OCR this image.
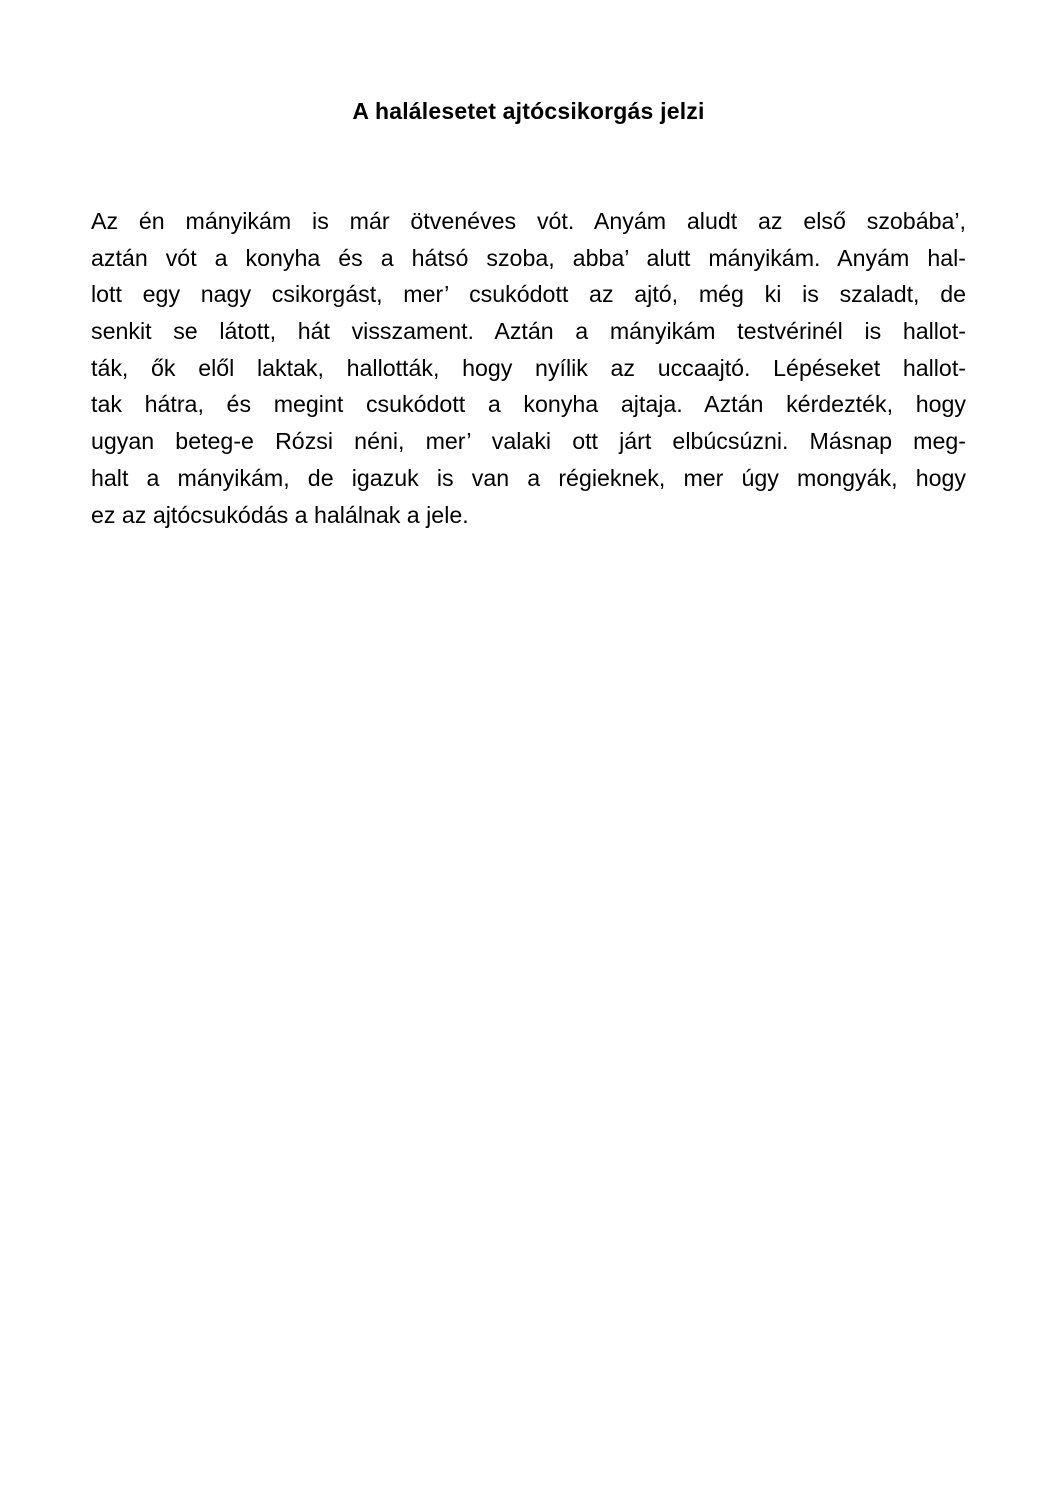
A halálesetet ajtócsikorgás jelzi
Az én mányikám is már ötvenéves vót. Anyám aludt az első szobába’,
aztán vót a konyha és a hátsó szoba, abba’ alutt mányikám. Anyám hal-
lott egy nagy csikorgást, mer’ csukódott az ajtó, még ki is szaladt, de
senkit se látott, hát visszament. Aztán a mányikám testvérinél is hallot-
ták, ők elől laktak, hallották, hogy nyílik az uccaajtó. Lépéseket hallot-
tak hátra, és megint csukódott a konyha ajtaja. Aztán kérdezték, hogy
ugyan beteg-e Rózsi néni, mer’ valaki ott járt elbúcsúzni. Másnap meg-
halt a mányikám, de igazuk is van a régieknek, mer úgy mongyák, hogy
ez az ajtócsukódás a halálnak a jele.
